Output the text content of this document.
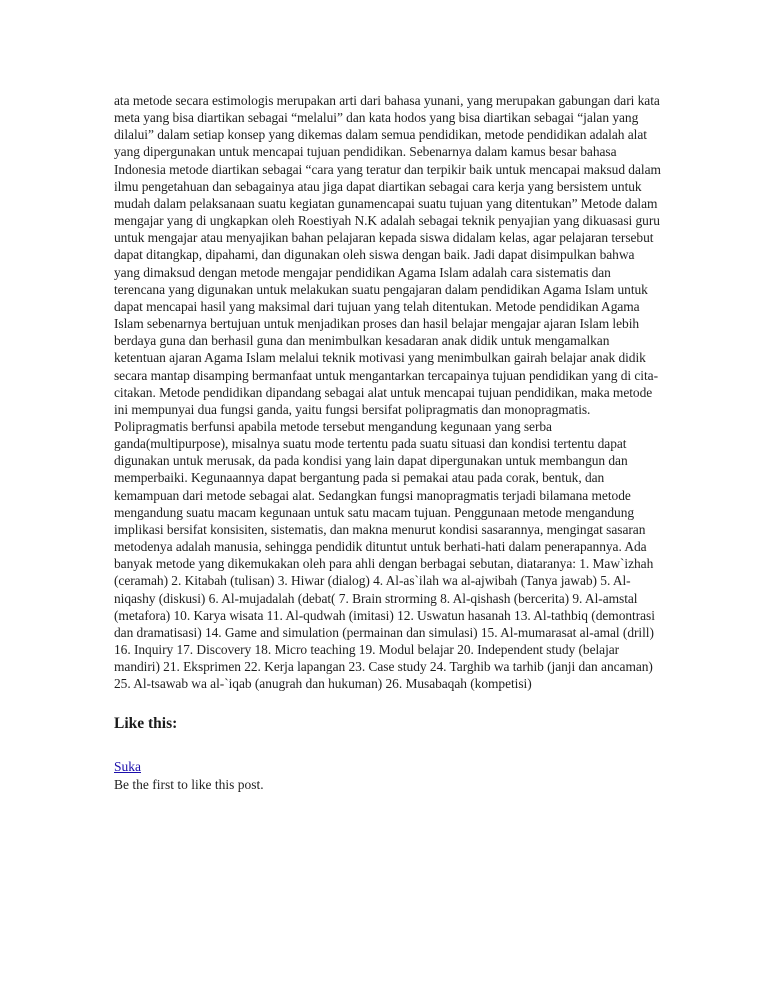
ata metode secara estimologis merupakan arti dari bahasa yunani, yang merupakan gabungan dari kata meta yang bisa diartikan sebagai “melalui” dan kata hodos yang bisa diartikan sebagai “jalan yang dilalui” dalam setiap konsep yang dikemas dalam semua pendidikan, metode pendidikan adalah alat yang dipergunakan untuk mencapai tujuan pendidikan. Sebenarnya dalam kamus besar bahasa Indonesia metode diartikan sebagai “cara yang teratur dan terpikir baik untuk mencapai maksud dalam ilmu pengetahuan dan sebagainya atau jiga dapat diartikan sebagai cara kerja yang bersistem untuk mudah dalam pelaksanaan suatu kegiatan gunamencapai suatu tujuan yang ditentukan” Metode dalam mengajar yang di ungkapkan oleh Roestiyah N.K adalah sebagai teknik penyajian yang dikuasasi guru untuk mengajar atau menyajikan bahan pelajaran kepada siswa didalam kelas, agar pelajaran tersebut dapat ditangkap, dipahami, dan digunakan oleh siswa dengan baik. Jadi dapat disimpulkan bahwa yang dimaksud dengan metode mengajar pendidikan Agama Islam adalah cara sistematis dan terencana yang digunakan untuk melakukan suatu pengajaran dalam pendidikan Agama Islam untuk dapat mencapai hasil yang maksimal dari tujuan yang telah ditentukan. Metode pendidikan Agama Islam sebenarnya bertujuan untuk menjadikan proses dan hasil belajar mengajar ajaran Islam lebih berdaya guna dan berhasil guna dan menimbulkan kesadaran anak didik untuk mengamalkan ketentuan ajaran Agama Islam melalui teknik motivasi yang menimbulkan gairah belajar anak didik secara mantap disamping bermanfaat untuk mengantarkan tercapainya tujuan pendidikan yang di cita-citakan. Metode pendidikan dipandang sebagai alat untuk mencapai tujuan pendidikan, maka metode ini mempunyai dua fungsi ganda, yaitu fungsi bersifat polipragmatis dan monopragmatis. Polipragmatis berfunsi apabila metode tersebut mengandung kegunaan yang serba ganda(multipurpose), misalnya suatu mode tertentu pada suatu situasi dan kondisi tertentu dapat digunakan untuk merusak, da pada kondisi yang lain dapat dipergunakan untuk membangun dan memperbaiki. Kegunaannya dapat bergantung pada si pemakai atau pada corak, bentuk, dan kemampuan dari metode sebagai alat. Sedangkan fungsi manopragmatis terjadi bilamana metode mengandung suatu macam kegunaan untuk satu macam tujuan. Penggunaan metode mengandung implikasi bersifat konsisiten, sistematis, dan makna menurut kondisi sasarannya, mengingat sasaran metodenya adalah manusia, sehingga pendidik dituntut untuk berhati-hati dalam penerapannya. Ada banyak metode yang dikemukakan oleh para ahli dengan berbagai sebutan, diataranya: 1. Maw`izhah (ceramah) 2. Kitabah (tulisan) 3. Hiwar (dialog) 4. Al-as`ilah wa al-ajwibah (Tanya jawab) 5. Al-niqashy (diskusi) 6. Al-mujadalah (debat( 7. Brain strorming 8. Al-qishash (bercerita) 9. Al-amstal (metafora) 10. Karya wisata 11. Al-qudwah (imitasi) 12. Uswatun hasanah 13. Al-tathbiq (demontrasi dan dramatisasi) 14. Game and simulation (permainan dan simulasi) 15. Al-mumarasat al-amal (drill) 16. Inquiry 17. Discovery 18. Micro teaching 19. Modul belajar 20. Independent study (belajar mandiri) 21. Eksprimen 22. Kerja lapangan 23. Case study 24. Targhib wa tarhib (janji dan ancaman) 25. Al-tsawab wa al-`iqab (anugrah dan hukuman) 26. Musabaqah (kompetisi)

Like this:
Suka
Be the first to like this post.
